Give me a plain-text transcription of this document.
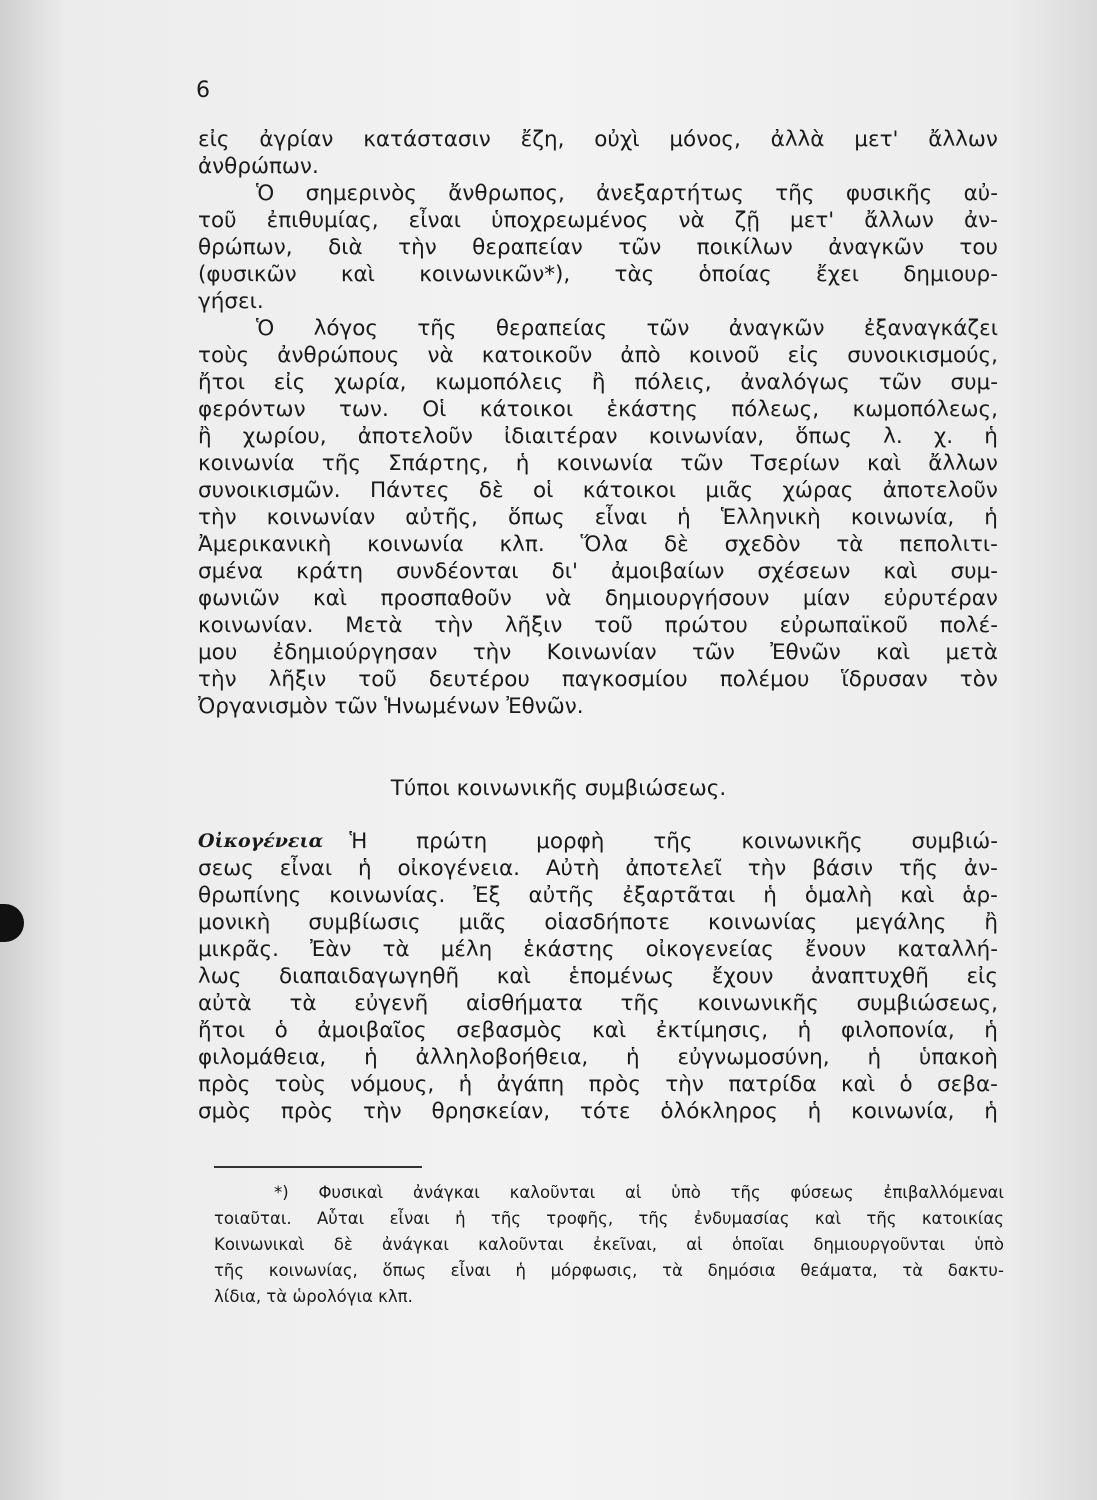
6
εἰς ἀγρίαν κατάστασιν ἔζη, οὐχὶ μόνος, ἀλλὰ μετ' ἄλλων
ἀνθρώπων.
Ὁ σημερινὸς ἄνθρωπος, ἀνεξαρτήτως τῆς φυσικῆς αὐ-
τοῦ ἐπιθυμίας, εἶναι ὑποχρεωμένος νὰ ζῇ μετ' ἄλλων ἀν-
θρώπων, διὰ τὴν θεραπείαν τῶν ποικίλων ἀναγκῶν του
(φυσικῶν καὶ κοινωνικῶν*), τὰς ὁποίας ἔχει δημιουρ-
γήσει.
Ὁ λόγος τῆς θεραπείας τῶν ἀναγκῶν ἐξαναγκάζει
τοὺς ἀνθρώπους νὰ κατοικοῦν ἀπὸ κοινοῦ εἰς συνοικισμούς,
ἤτοι εἰς χωρία, κωμοπόλεις ἢ πόλεις, ἀναλόγως τῶν συμ-
φερόντων των. Οἱ κάτοικοι ἑκάστης πόλεως, κωμοπόλεως,
ἢ χωρίου, ἀποτελοῦν ἰδιαιτέραν κοινωνίαν, ὅπως λ. χ. ἡ
κοινωνία τῆς Σπάρτης, ἡ κοινωνία τῶν Τσερίων καὶ ἄλλων
συνοικισμῶν. Πάντες δὲ οἱ κάτοικοι μιᾶς χώρας ἀποτελοῦν
τὴν κοινωνίαν αὐτῆς, ὅπως εἶναι ἡ Ἑλληνικὴ κοινωνία, ἡ
Ἀμερικανικὴ κοινωνία κλπ. Ὅλα δὲ σχεδὸν τὰ πεπολιτι-
σμένα κράτη συνδέονται δι' ἀμοιβαίων σχέσεων καὶ συμ-
φωνιῶν καὶ προσπαθοῦν νὰ δημιουργήσουν μίαν εὐρυτέραν
κοινωνίαν. Μετὰ τὴν λῆξιν τοῦ πρώτου εὐρωπαϊκοῦ πολέ-
μου ἐδημιούργησαν τὴν Κοινωνίαν τῶν Ἐθνῶν καὶ μετὰ
τὴν λῆξιν τοῦ δευτέρου παγκοσμίου πολέμου ἵδρυσαν τὸν
Ὀργανισμὸν τῶν Ἡνωμένων Ἐθνῶν.
Τύποι κοινωνικῆς συμβιώσεως.
Οἰκογένεια Ἡ πρώτη μορφὴ τῆς κοινωνικῆς συμβιώ-
σεως εἶναι ἡ οἰκογένεια. Αὐτὴ ἀποτελεῖ τὴν βάσιν τῆς ἀν-
θρωπίνης κοινωνίας. Ἐξ αὐτῆς ἐξαρτᾶται ἡ ὁμαλὴ καὶ ἁρ-
μονικὴ συμβίωσις μιᾶς οἱασδήποτε κοινωνίας μεγάλης ἢ
μικρᾶς. Ἐὰν τὰ μέλη ἑκάστης οἰκογενείας ἔνουν καταλλή-
λως διαπαιδαγωγηθῆ καὶ ἑπομένως ἔχουν ἀναπτυχθῆ εἰς
αὐτὰ τὰ εὐγενῆ αἰσθήματα τῆς κοινωνικῆς συμβιώσεως,
ἤτοι ὁ ἀμοιβαῖος σεβασμὸς καὶ ἐκτίμησις, ἡ φιλοπονία, ἡ
φιλομάθεια, ἡ ἀλληλοβοήθεια, ἡ εὐγνωμοσύνη, ἡ ὑπακοὴ
πρὸς τοὺς νόμους, ἡ ἀγάπη πρὸς τὴν πατρίδα καὶ ὁ σεβα-
σμὸς πρὸς τὴν θρησκείαν, τότε ὁλόκληρος ἡ κοινωνία, ἡ
*) Φυσικαὶ ἀνάγκαι καλοῦνται αἱ ὑπὸ τῆς φύσεως ἐπιβαλλόμεναι
τοιαῦται. Αὗται εἶναι ἡ τῆς τροφῆς, τῆς ἐνδυμασίας καὶ τῆς κατοικίας
Κοινωνικαὶ δὲ ἀνάγκαι καλοῦνται ἐκεῖναι, αἱ ὁποῖαι δημιουργοῦνται ὑπὸ
τῆς κοινωνίας, ὅπως εἶναι ἡ μόρφωσις, τὰ δημόσια θεάματα, τὰ δακτυ-
λίδια, τὰ ὡρολόγια κλπ.
